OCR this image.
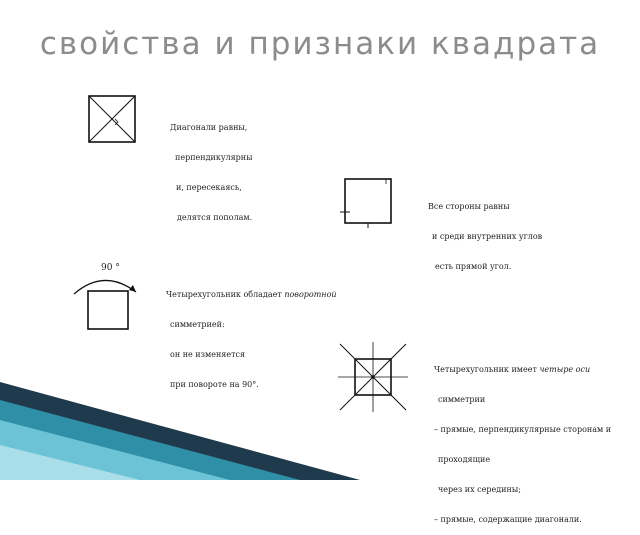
свойства и признаки квадрата

Диагонали равны,

перпендикулярны

и, пересекаясь,

делятся пополам.

Все стороны равны

и среди внутренних углов

есть прямой угол.

90 °

Четырехугольник обладает поворотной

симметрией:

он не изменяется

при повороте на 90°.

Четырехугольник имеет четыре оси

симметрии

– прямые, перпендикулярные сторонам и

проходящие

через их середины;

– прямые, содержащие диагонали.
